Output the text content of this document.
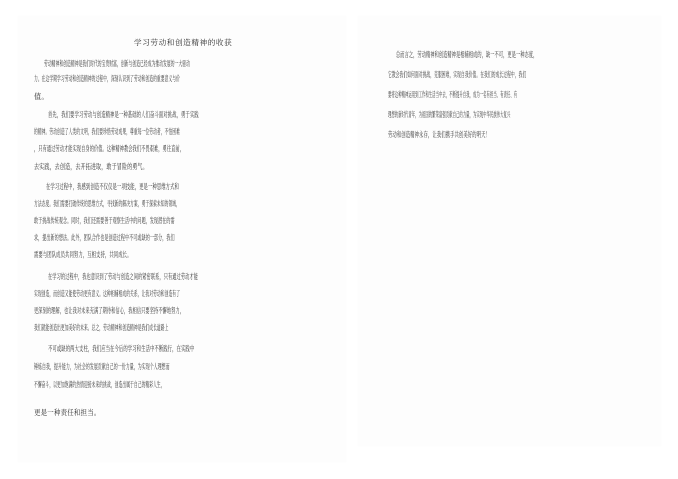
学习劳动和创造精神的收获
劳动精神和创造精神是我们时代的宝贵财富，创新与创造已经成为推动发展的一大驱动
力。在这学期学习劳动和创造精神的过程中，深刻认识到了劳动和创造的重要意义与价
值。
首先，我们要学习劳动与创造精神是一种基础的人们奋斗面对挑战，勇于实践
的精神。劳动创造了人类的文明，我们要珍惜劳动成果，尊重每一位劳动者，不怕困难
，只有通过劳动才能实现自身的价值。这种精神教会我们不畏艰难，勇往直前，
去实践，去创造，去开拓进取，敢于冒险的勇气。
在学习过程中，我感到创造不仅仅是一项技能，更是一种思维方式和
方法态度。我们需要打破传统的思维方式，寻找新的解决方案，勇于探索未知的领域，
敢于挑战传统观念。同时，我们还需要善于观察生活中的问题，发现潜在的需
求，提出新的想法。此外，团队合作也是创造过程中不可或缺的一部分，我们
需要与团队成员共同努力，互相支持，共同成长。
在学习的过程中，我也意识到了劳动与创造之间的紧密联系，只有通过劳动才能
实现创造，而创造又能使劳动更有意义。这种相辅相成的关系，让我对劳动和创造有了
更深刻的理解，也让我对未来充满了期待和信心，我相信只要坚持不懈地努力，
我们就能创造出更加美好的未来。总之，劳动精神和创造精神是我们成长道路上
不可或缺的两大支柱，我们应当在今后的学习和生活中不断践行，在实践中
锤炼自我，提升能力，为社会的发展贡献自己的一份力量，为实现个人理想而
不懈奋斗，以更加饱满的热情迎接未来的挑战，创造出属于自己的精彩人生，
更是一种责任和担当。
总而言之，劳动精神和创造精神是相辅相成的，缺一不可，更是一种态度，
它教会我们如何面对挑战，克服困难，实现自我价值。在我们的成长过程中，我们
要将这种精神运用到工作和生活当中去，不断提升自我，成为一名有担当、有责任、有
理想的新时代青年，为祖国的繁荣富强贡献自己的力量，为实现中华民族伟大复兴
劳动和创造精神永存，让我们携手共创美好的明天！
